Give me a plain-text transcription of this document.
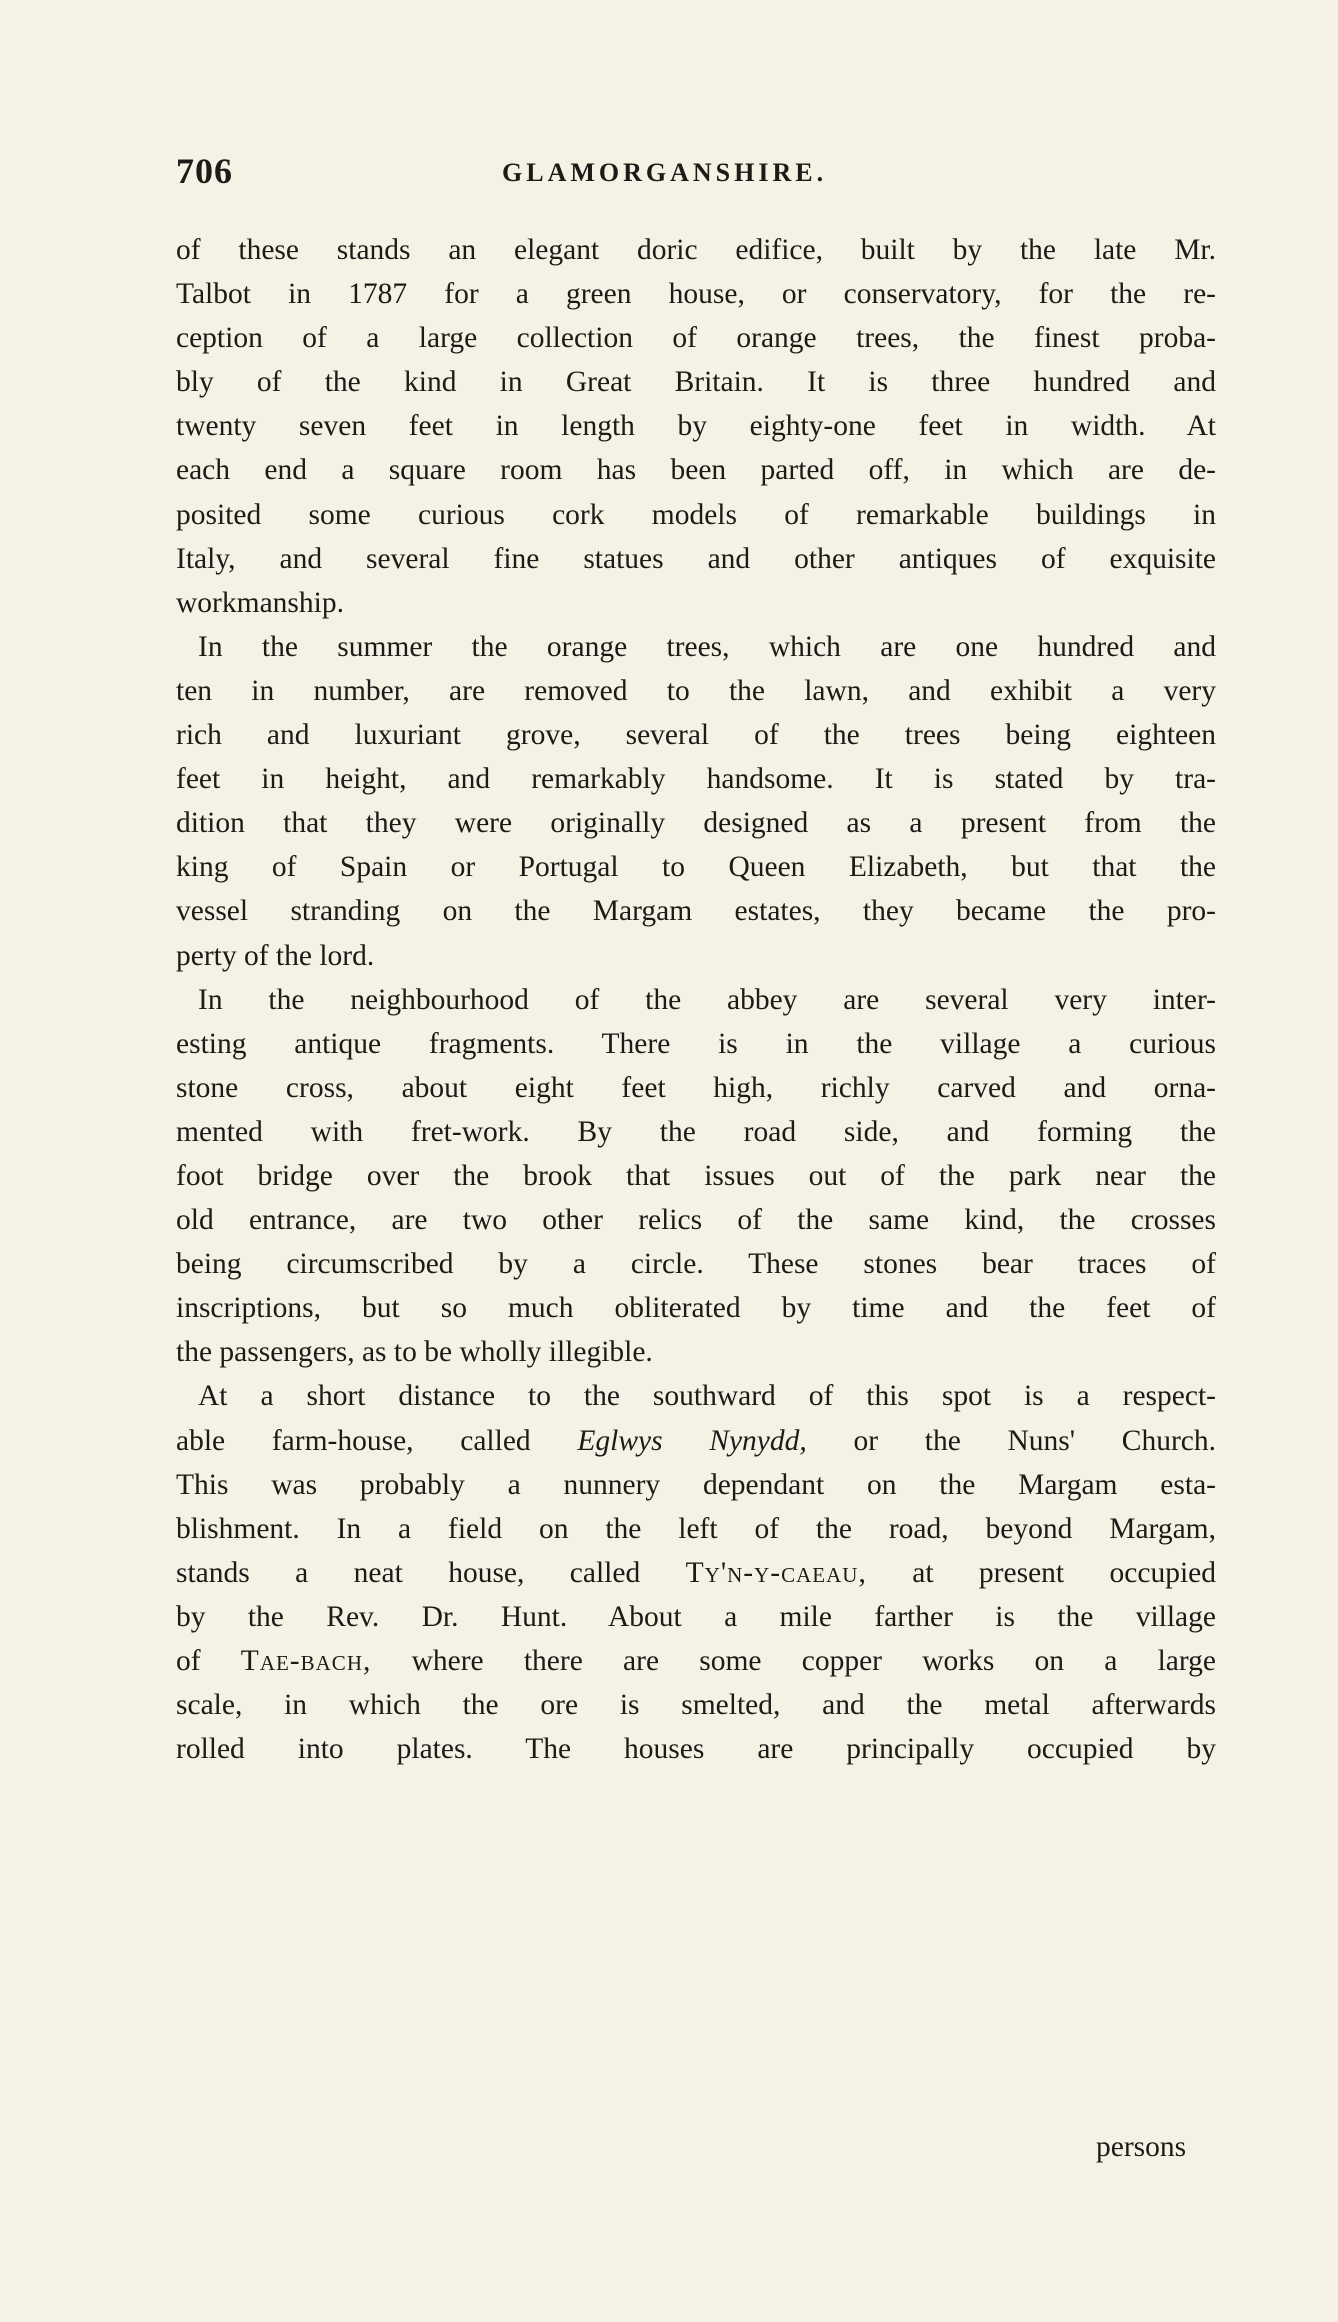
706	GLAMORGANSHIRE.
of these stands an elegant doric edifice, built by the late Mr.
Talbot in 1787 for a green house, or conservatory, for the re-
ception of a large collection of orange trees, the finest proba-
bly of the kind in Great Britain. It is three hundred and
twenty seven feet in length by eighty-one feet in width. At
each end a square room has been parted off, in which are de-
posited some curious cork models of remarkable buildings in
Italy, and several fine statues and other antiques of exquisite
workmanship.
In the summer the orange trees, which are one hundred and
ten in number, are removed to the lawn, and exhibit a very
rich and luxuriant grove, several of the trees being eighteen
feet in height, and remarkably handsome. It is stated by tra-
dition that they were originally designed as a present from the
king of Spain or Portugal to Queen Elizabeth, but that the
vessel stranding on the Margam estates, they became the pro-
perty of the lord.
In the neighbourhood of the abbey are several very inter-
esting antique fragments. There is in the village a curious
stone cross, about eight feet high, richly carved and orna-
mented with fret-work. By the road side, and forming the
foot bridge over the brook that issues out of the park near the
old entrance, are two other relics of the same kind, the crosses
being circumscribed by a circle. These stones bear traces of
inscriptions, but so much obliterated by time and the feet of
the passengers, as to be wholly illegible.
At a short distance to the southward of this spot is a respect-
able farm-house, called Eglwys Nynydd, or the Nuns' Church.
This was probably a nunnery dependant on the Margam esta-
blishment. In a field on the left of the road, beyond Margam,
stands a neat house, called Ty'n-y-caeau, at present occupied
by the Rev. Dr. Hunt. About a mile farther is the village
of Tae-bach, where there are some copper works on a large
scale, in which the ore is smelted, and the metal afterwards
rolled into plates. The houses are principally occupied by
persons
